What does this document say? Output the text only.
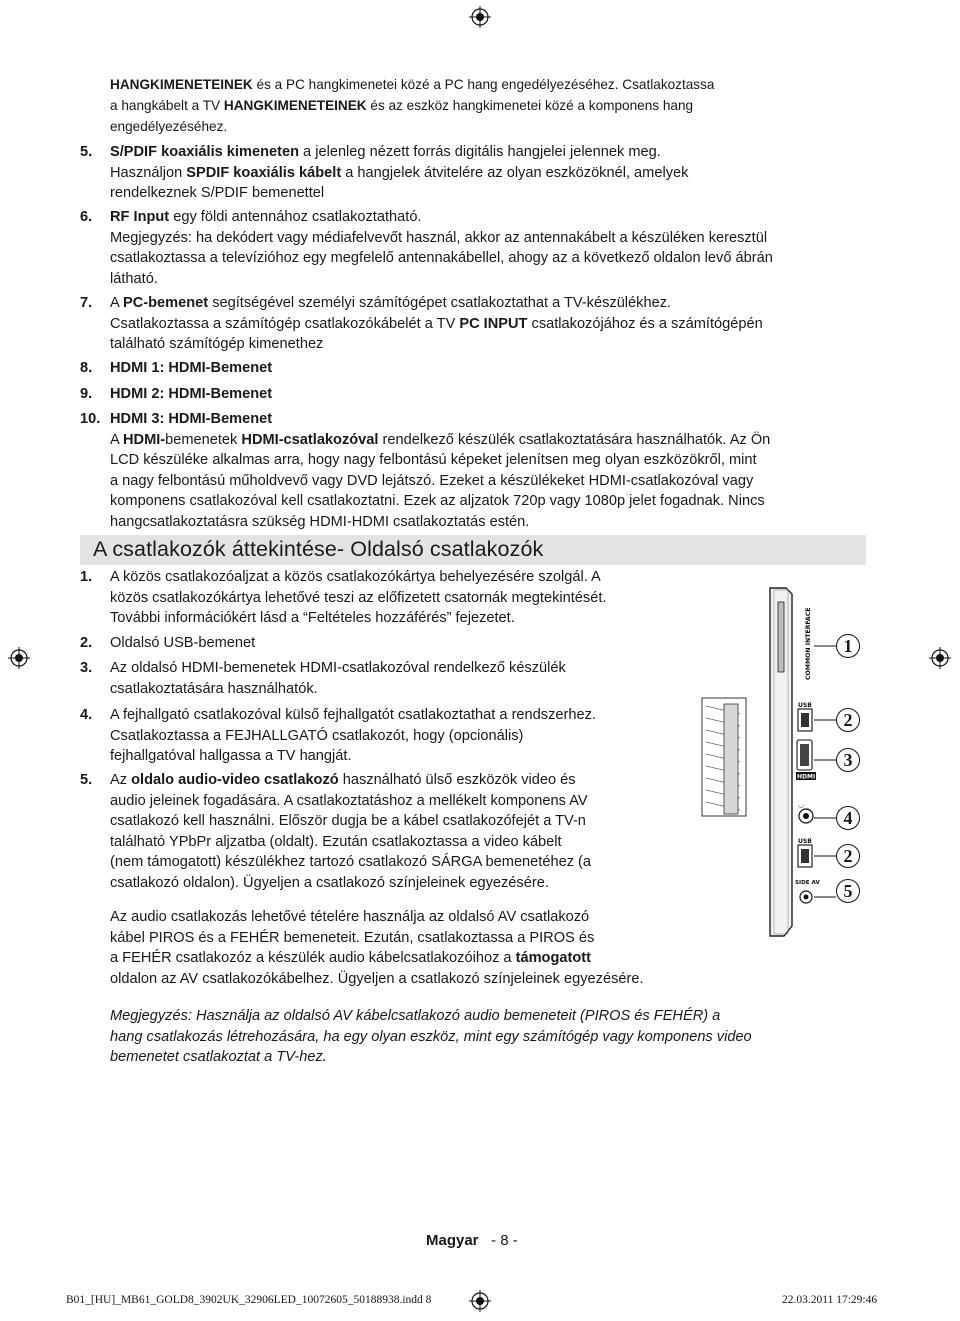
HANGKIMENETEINEK és a PC hangkimenetei közé a PC hang engedélyezéséhez. Csatlakoztassa
a hangkábelt a TV HANGKIMENETEINEK és az eszköz hangkimenetei közé a komponens hang
engedélyezéséhez.
5.	S/PDIF koaxiális kimeneten a jelenleg nézett forrás digitális hangjelei jelennek meg.
Használjon SPDIF koaxiális kábelt a hangjelek átvitelére az olyan eszközöknél, amelyek
rendelkeznek S/PDIF bemenettel
6.	RF Input egy földi antennához csatlakoztatható.
Megjegyzés: ha dekódert vagy médiafelvevőt használ, akkor az antennakábelt a készüléken keresztül
csatlakoztassa a televízióhoz egy megfelelő antennakábellel, ahogy az a következő oldalon levő ábrán
látható.
7.	A PC-bemenet segítségével személyi számítógépet csatlakoztathat a TV-készülékhez.
Csatlakoztassa a számítógép csatlakozókábelét a TV PC INPUT csatlakozójához és a számítógépén
található számítógép kimenethez
8.	HDMI 1: HDMI-Bemenet
9.	HDMI 2: HDMI-Bemenet
10. HDMI 3: HDMI-Bemenet
A HDMI-bemenetek HDMI-csatlakozóval rendelkező készülék csatlakoztatására használhatók. Az Ön
LCD készüléke alkalmas arra, hogy nagy felbontású képeket jelenítsen meg olyan eszközökről, mint
a nagy felbontású műholdvevő vagy DVD lejátszó. Ezeket a készülékeket HDMI-csatlakozóval vagy
komponens csatlakozóval kell csatlakoztatni. Ezek az aljzatok 720p vagy 1080p jelet fogadnak. Nincs
hangcsatlakoztatásra szükség HDMI-HDMI csatlakoztatás estén.
A csatlakozók áttekintése- Oldalsó csatlakozók
1.	A közös csatlakozóaljzat a közös csatlakozókártya behelyezésére szolgál. A
közös csatlakozókártya lehetővé teszi az előfizetett csatornák megtekintését.
További információkért lásd a “Feltételes hozzáférés” fejezetet.
2.	Oldalsó USB-bemenet
3.	Az oldalsó HDMI-bemenetek HDMI-csatlakozóval rendelkező készülék
csatlakoztatására használhatók.
4.	A fejhallgató csatlakozóval külső fejhallgatót csatlakoztathat a rendszerhez.
Csatlakoztassa a FEJHALLGATÓ csatlakozót, hogy (opcionális)
fejhallgatóval hallgassa a TV hangját.
5.	Az oldalo audio-video csatlakozó használható ülső eszközök video és
audio jeleinek fogadására. A csatlakoztatáshoz a mellékelt komponens AV
csatlakozó kell használni. Először dugja be a kábel csatlakozófejét a TV-n
található YPbPr aljzatba (oldalt). Ezután csatlakoztassa a video kábelt
(nem támogatott) készülékhez tartozó csatlakozó SÁRGA bemenetéhez (a
csatlakozó oldalon). Ügyeljen a csatlakozó színjeleinek egyezésére.
Az audio csatlakozás lehetővé tételére használja az oldalsó AV csatlakozó
kábel PIROS és a FEHÉR bemeneteit. Ezután, csatlakoztassa a PIROS és
a FEHÉR csatlakozóz a készülék audio kábelcsatlakozóihoz a támogatott
oldalon az AV csatlakozókábelhez. Ügyeljen a csatlakozó színjeleinek egyezésére.
Megjegyzés: Használja az oldalsó AV kábelcsatlakozó audio bemeneteit (PIROS és FEHÉR) a
hang csatlakozás létrehozására, ha egy olyan eszköz, mint egy számítógép vagy komponens video
bemenetet csatlakoztat a TV-hez.
COMMON INTERFACE
USB
HDMI
◡
USB
SIDE AV
1
2
3
4
2
5
Magyar - 8 -
B01_[HU]_MB61_GOLD8_3902UK_32906LED_10072605_50188938.indd 8	22.03.2011 17:29:46
